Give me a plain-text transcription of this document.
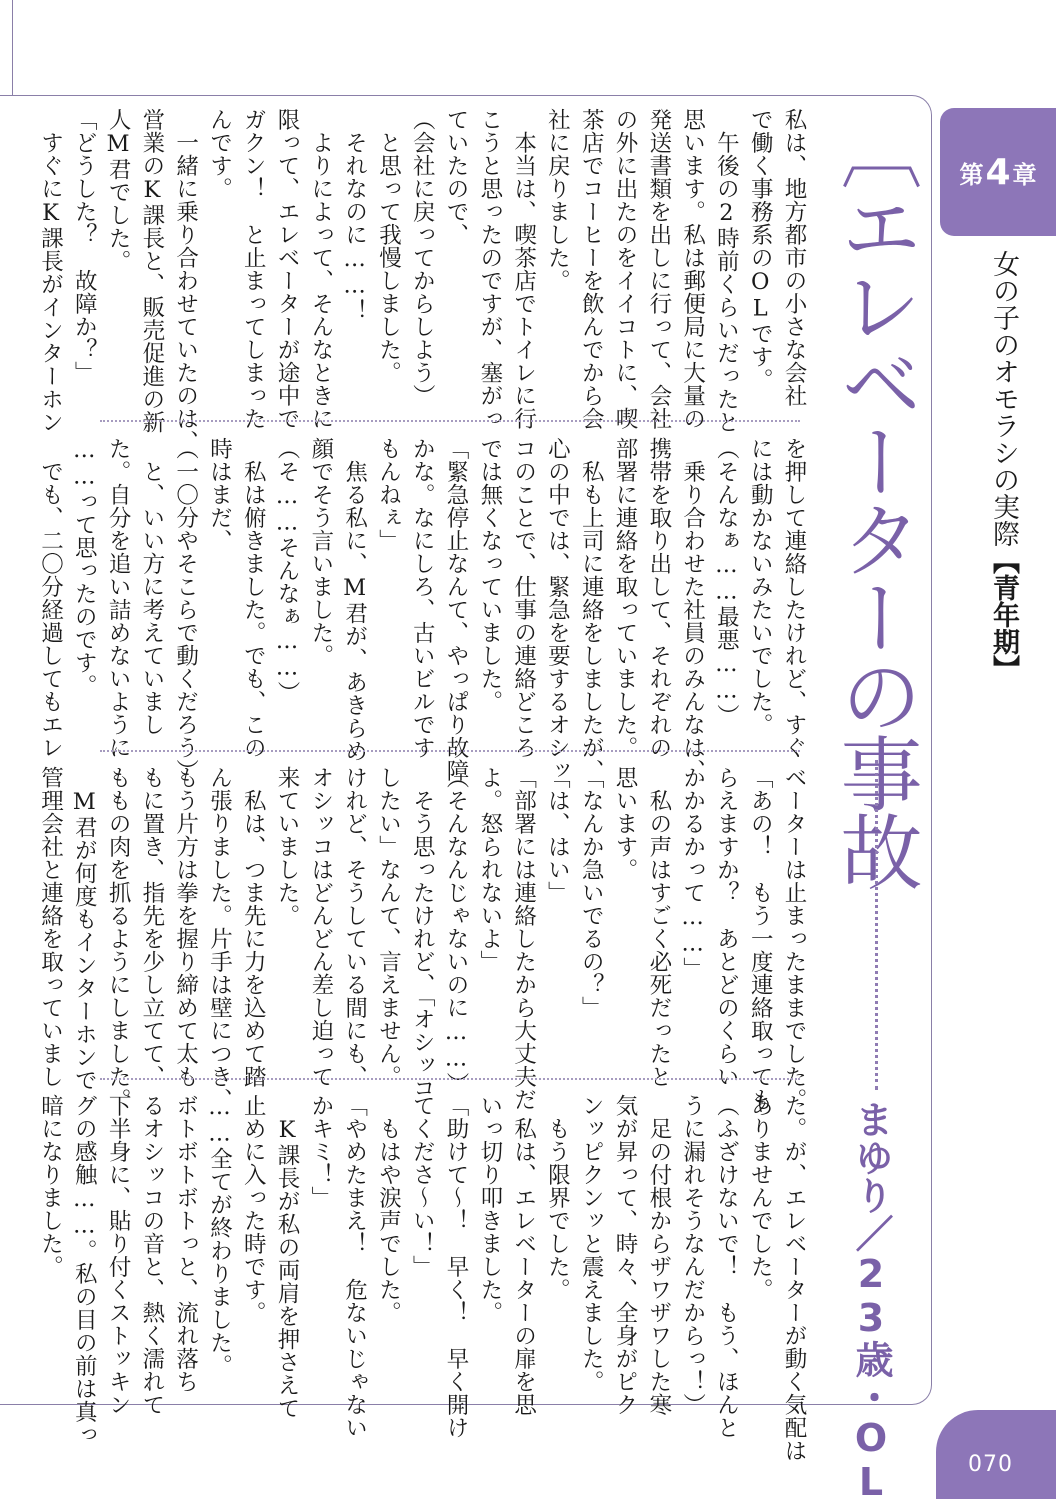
〔エレベーターの事故
まゆり／23歳・OL
第 4 章
女の子のオモラシの実際【青年期】
私は、地方都市の小さな会社
で働く事務系のOLです。
　午後の2時前くらいだったと
思います。私は郵便局に大量の
発送書類を出しに行って、会社
の外に出たのをイイコトに、喫
茶店でコーヒーを飲んでから会
社に戻りました。
　本当は、喫茶店でトイレに行
こうと思ったのですが、塞がっ
ていたので、
（会社に戻ってからしよう）
　と思って我慢しました。
　それなのに……！
　よりによって、そんなときに
限って、エレベーターが途中で
ガクン！　と止まってしまった
んです。
　一緒に乗り合わせていたのは、
営業のK課長と、販売促進の新
人M君でした。
「どうした？　故障か？」
　すぐにK課長がインターホン
を押して連絡したけれど、すぐ
には動かないみたいでした。
（そんなぁ……最悪……）
　乗り合わせた社員のみんなは、
携帯を取り出して、それぞれの
部署に連絡を取っていました。
　私も上司に連絡をしましたが、
心の中では、緊急を要するオシッ
コのことで、仕事の連絡どころ
では無くなっていました。
「緊急停止なんて、やっぱり故障
かな。なにしろ、古いビルです
もんねぇ」
　焦る私に、M君が、あきらめ
顔でそう言いました。
（そ……そんなぁ……）
　私は俯きました。でも、この
時はまだ、
（一〇分やそこらで動くだろう）
　と、いい方に考えていまし
た。自分を追い詰めないように
……って思ったのです。
　でも、二〇分経過してもエレ
ベーターは止まったままでした。
「あの！　もう一度連絡取っても
らえますか？　あとどのくらい
かかるかって……」
　私の声はすごく必死だったと
思います。
「なんか急いでるの？」
「は、はい」
「部署には連絡したから大丈夫だ
よ。怒られないよ」
（そんなんじゃないのに……）
　そう思ったけれど、「オシッコ
したい」なんて、言えません。
けれど、そうしている間にも、
オシッコはどんどん差し迫って
来ていました。
　私は、つま先に力を込めて踏
ん張りました。片手は壁につき、
もう片方は拳を握り締めて太も
もに置き、指先を少し立てて、
ももの肉を抓るようにしました。
　M君が何度もインターホンで
管理会社と連絡を取っていまし
た。が、エレベーターが動く気配は
ありませんでした。
（ふざけないで！　もう、ほんと
うに漏れそうなんだからっ！）
　足の付根からザワザワした寒
気が昇って、時々、全身がピク
ンッピクンッと震えました。
　もう限界でした。
　私は、エレベーターの扉を思
いっ切り叩きました。
「助けて～！　早く！　早く開け
てくださ～い！」
　もはや涙声でした。
「やめたまえ！　危ないじゃない
かキミ！」
　K課長が私の両肩を押さえて
止めに入った時です。
……全てが終わりました。
ボトボトボトっと、流れ落ち
るオシッコの音と、熱く濡れて
下半身に、貼り付くストッキン
グの感触……。私の目の前は真っ
暗になりました。
070
